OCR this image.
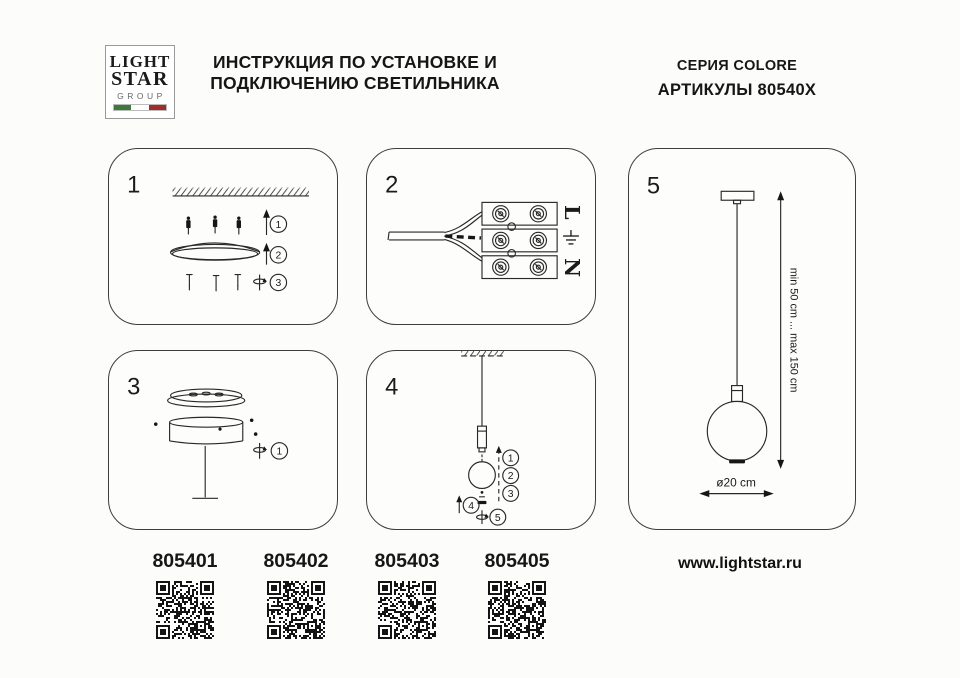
LIGHT
STAR
GROUP
ИНСТРУКЦИЯ ПО УСТАНОВКЕ И
ПОДКЛЮЧЕНИЮ СВЕТИЛЬНИКА
СЕРИЯ COLORE
АРТИКУЛЫ 80540X
1
1
2
3
2
L
N
3
1
4
1
2
3
4
5
5
min 50 cm ... max 150 cm
ø20 cm
805401	805402	805403	805405	www.lightstar.ru
